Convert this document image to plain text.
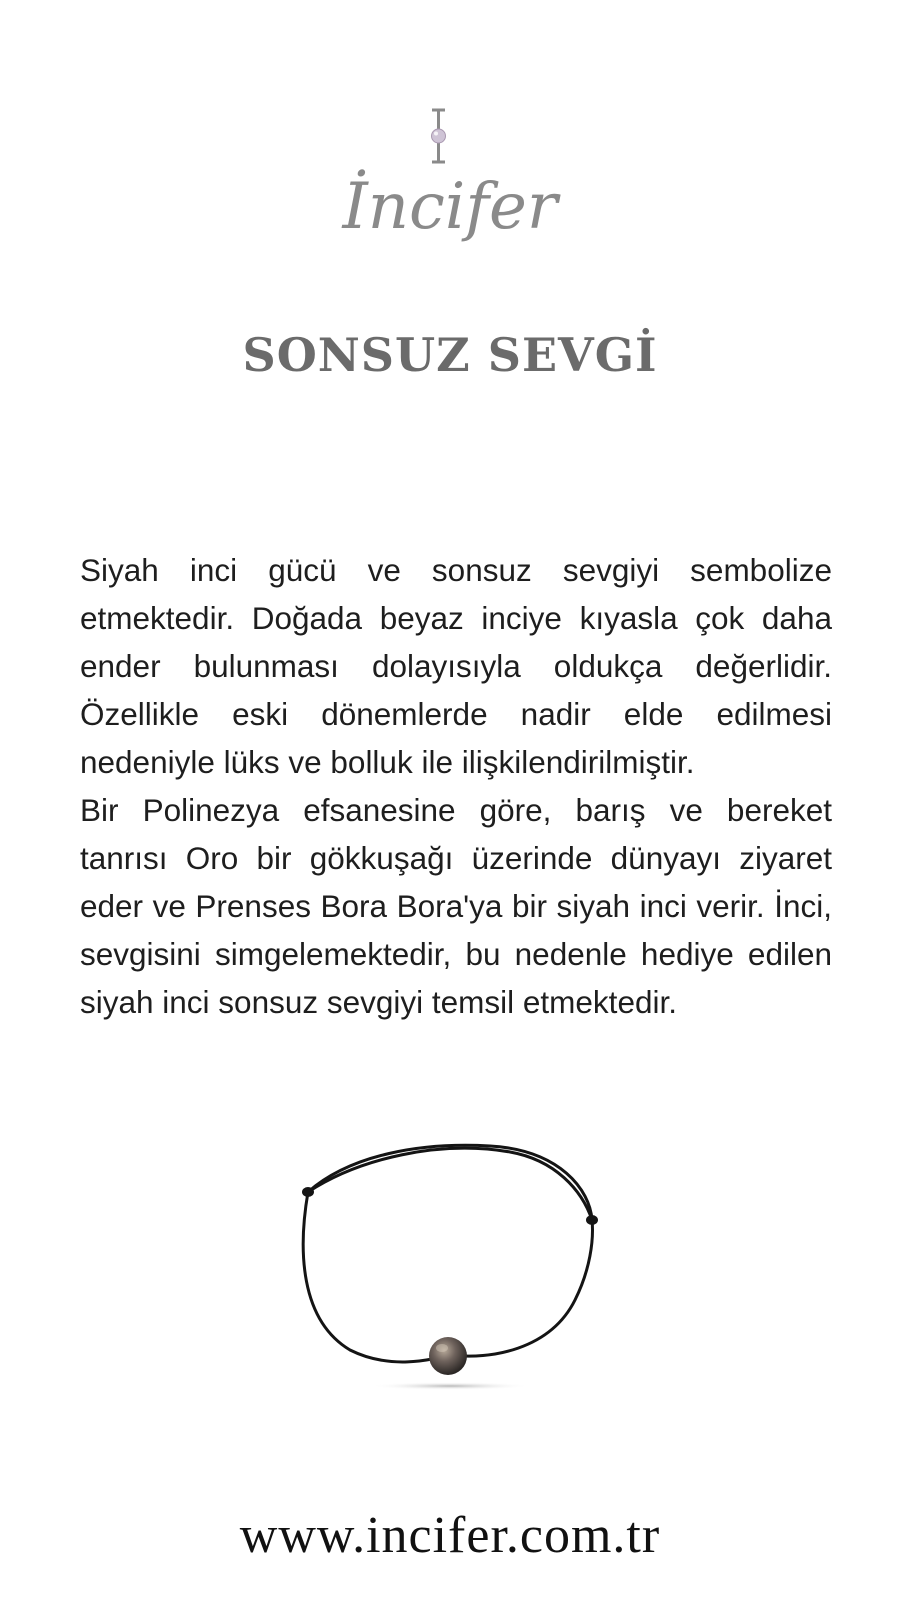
İncifer
SONSUZ SEVGİ

Siyah inci gücü ve sonsuz sevgiyi sembolize etmektedir. Doğada beyaz inciye kıyasla çok daha ender bulunması dolayısıyla oldukça değerlidir. Özellikle eski dönemlerde nadir elde edilmesi nedeniyle lüks ve bolluk ile ilişkilendirilmiştir.

Bir Polinezya efsanesine göre, barış ve bereket tanrısı Oro bir gökkuşağı üzerinde dünyayı ziyaret eder ve Prenses Bora Bora'ya bir siyah inci verir. İnci, sevgisini simgelemektedir, bu nedenle hediye edilen siyah inci sonsuz sevgiyi temsil etmektedir.

www.incifer.com.tr
